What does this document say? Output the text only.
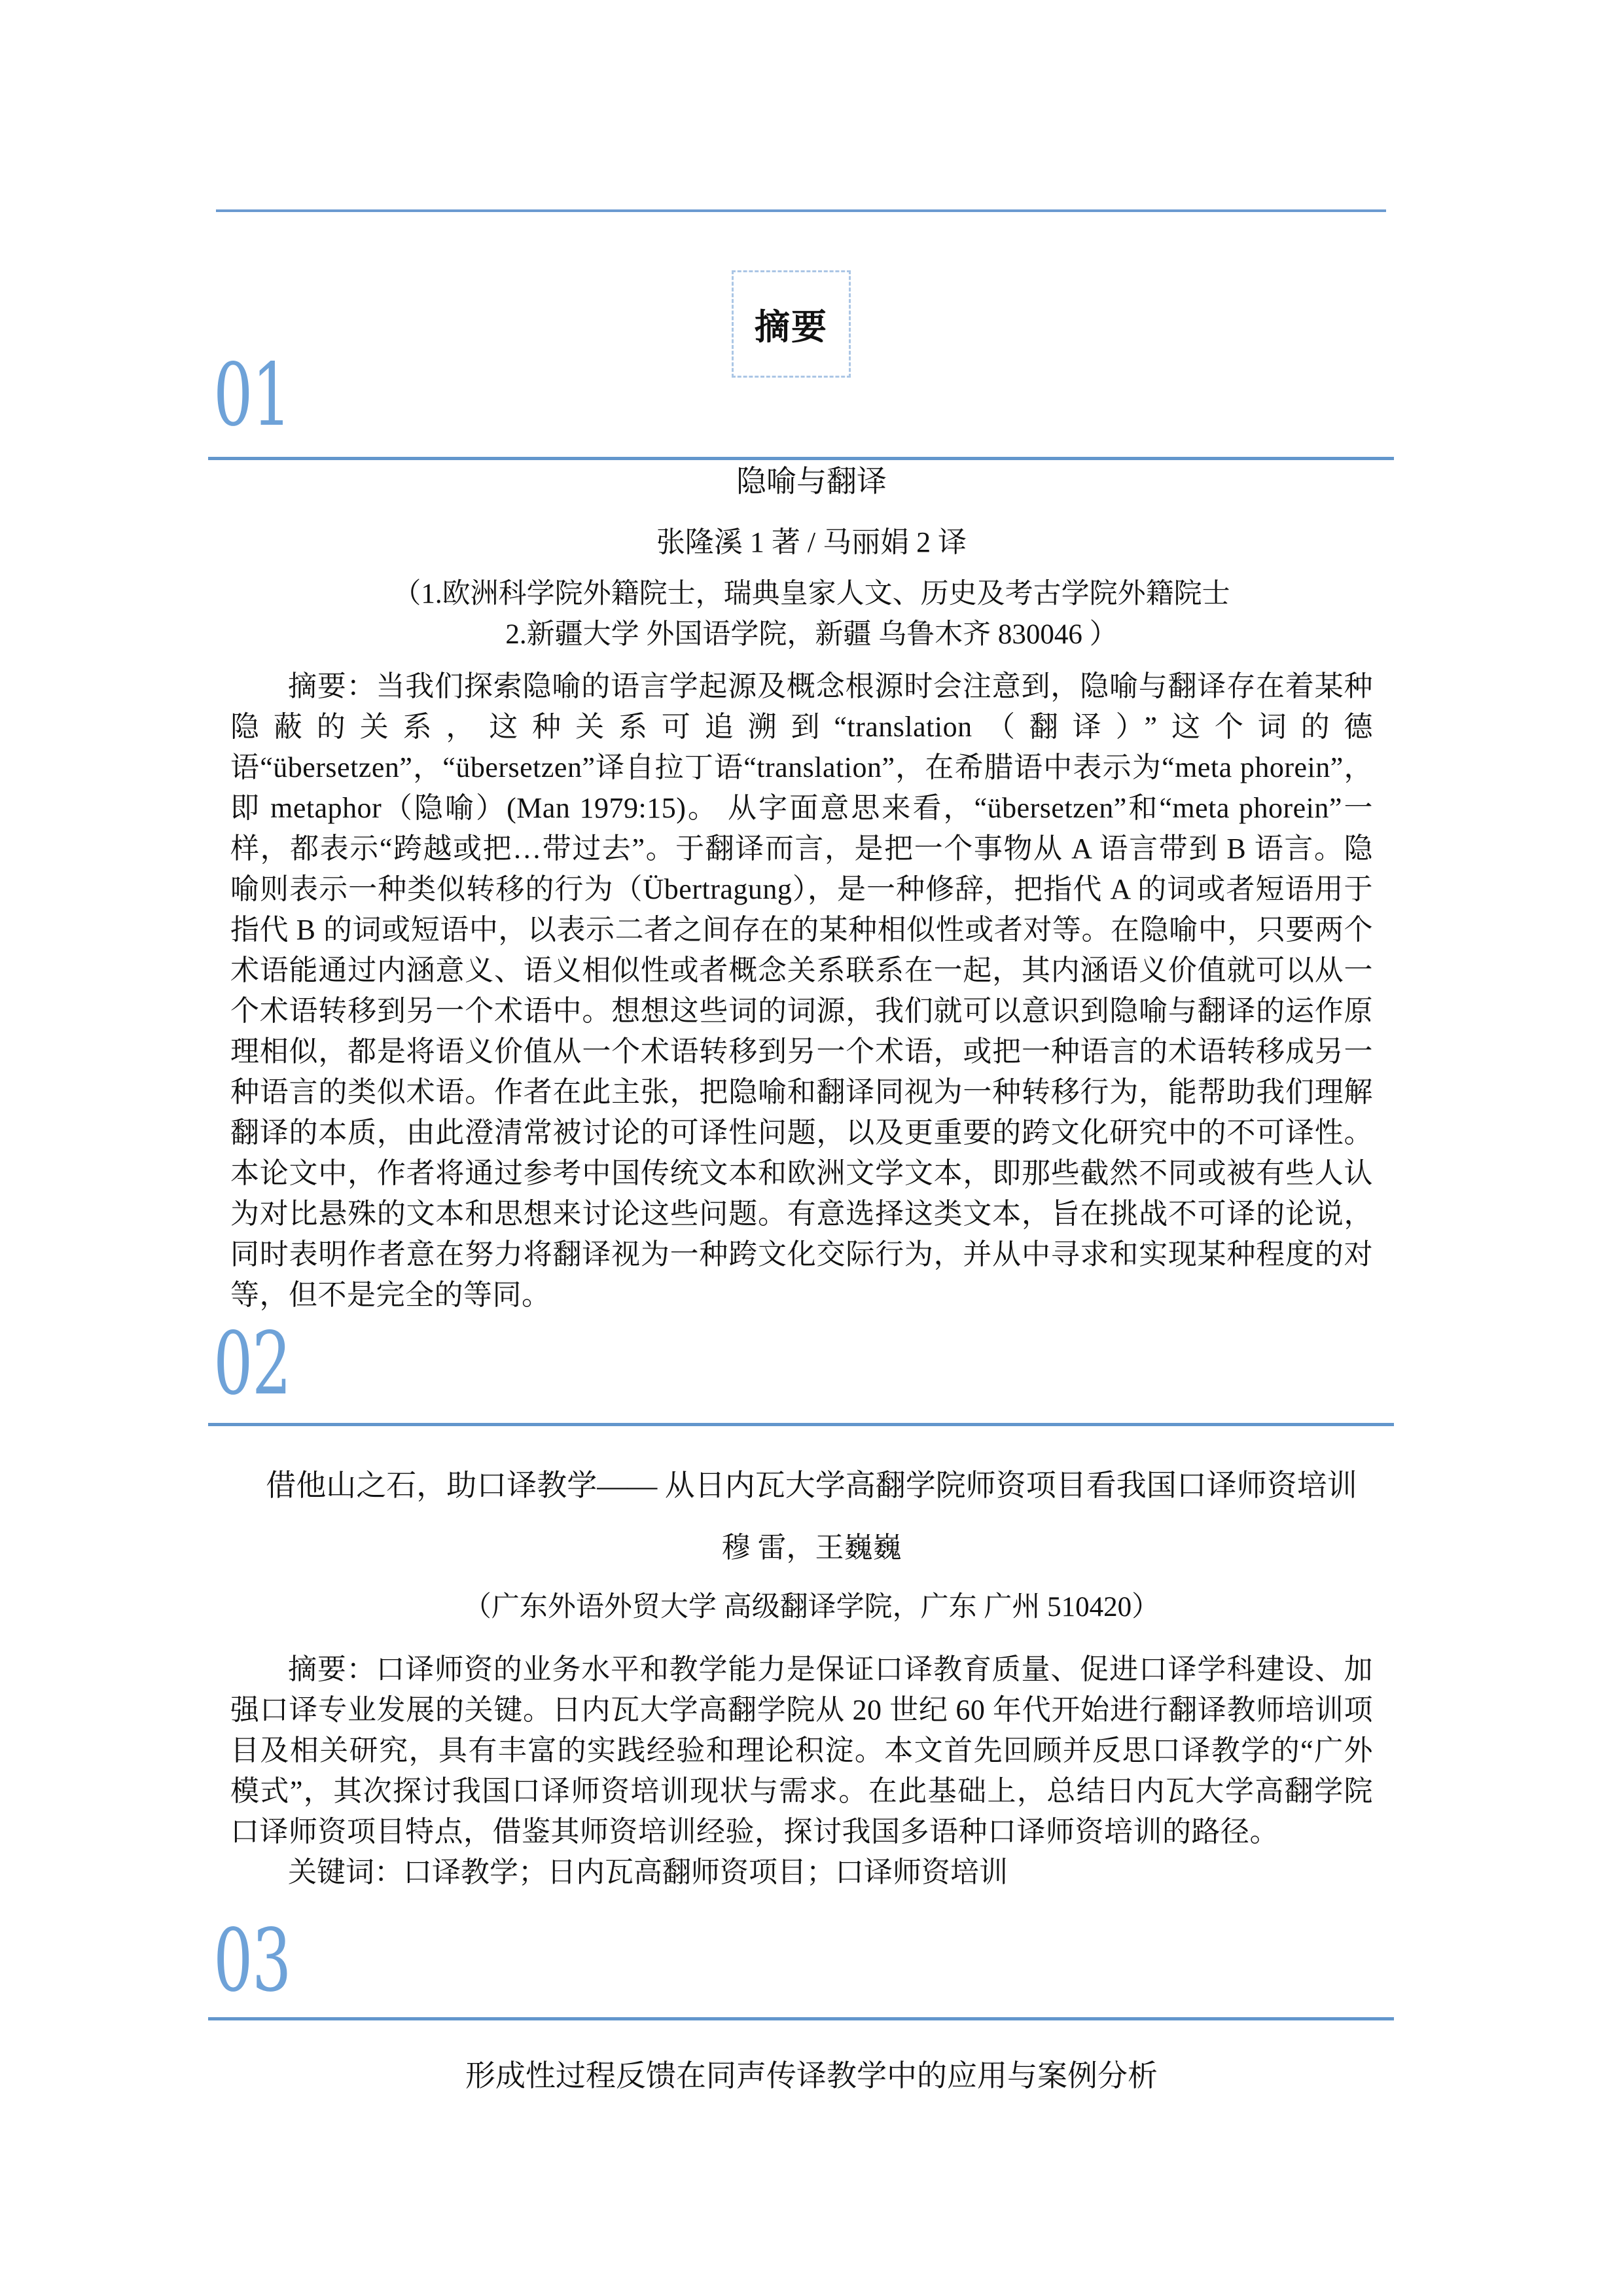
摘要
01
隐喻与翻译
张隆溪 1 著 / 马丽娟 2 译
（1.欧洲科学院外籍院士，瑞典皇家人文、历史及考古学院外籍院士
2.新疆大学 外国语学院，新疆 乌鲁木齐 830046 ）

摘要：当我们探索隐喻的语言学起源及概念根源时会注意到，隐喻与翻译存在着某种隐蔽的关系，这种关系可追溯到“translation（翻译）”这个词的德语“übersetzen”，“übersetzen”译自拉丁语“translation”，在希腊语中表示为“meta phorein”，即 metaphor（隐喻）(Man 1979:15)。 从字面意思来看，“übersetzen”和“meta phorein”一样，都表示“跨越或把…带过去”。于翻译而言，是把一个事物从 A 语言带到 B 语言。隐喻则表示一种类似转移的行为（Übertragung），是一种修辞，把指代 A 的词或者短语用于指代 B 的词或短语中，以表示二者之间存在的某种相似性或者对等。在隐喻中，只要两个术语能通过内涵意义、语义相似性或者概念关系联系在一起，其内涵语义价值就可以从一个术语转移到另一个术语中。想想这些词的词源，我们就可以意识到隐喻与翻译的运作原理相似，都是将语义价值从一个术语转移到另一个术语，或把一种语言的术语转移成另一种语言的类似术语。作者在此主张，把隐喻和翻译同视为一种转移行为，能帮助我们理解翻译的本质，由此澄清常被讨论的可译性问题，以及更重要的跨文化研究中的不可译性。本论文中，作者将通过参考中国传统文本和欧洲文学文本，即那些截然不同或被有些人认为对比悬殊的文本和思想来讨论这些问题。有意选择这类文本，旨在挑战不可译的论说，同时表明作者意在努力将翻译视为一种跨文化交际行为，并从中寻求和实现某种程度的对等，但不是完全的等同。

02
借他山之石，助口译教学—— 从日内瓦大学高翻学院师资项目看我国口译师资培训
穆 雷，王巍巍
（广东外语外贸大学 高级翻译学院，广东 广州 510420）

摘要：口译师资的业务水平和教学能力是保证口译教育质量、促进口译学科建设、加强口译专业发展的关键。日内瓦大学高翻学院从 20 世纪 60 年代开始进行翻译教师培训项目及相关研究，具有丰富的实践经验和理论积淀。本文首先回顾并反思口译教学的“广外模式”，其次探讨我国口译师资培训现状与需求。在此基础上，总结日内瓦大学高翻学院口译师资项目特点，借鉴其师资培训经验，探讨我国多语种口译师资培训的路径。

关键词：口译教学；日内瓦高翻师资项目；口译师资培训

03
形成性过程反馈在同声传译教学中的应用与案例分析
